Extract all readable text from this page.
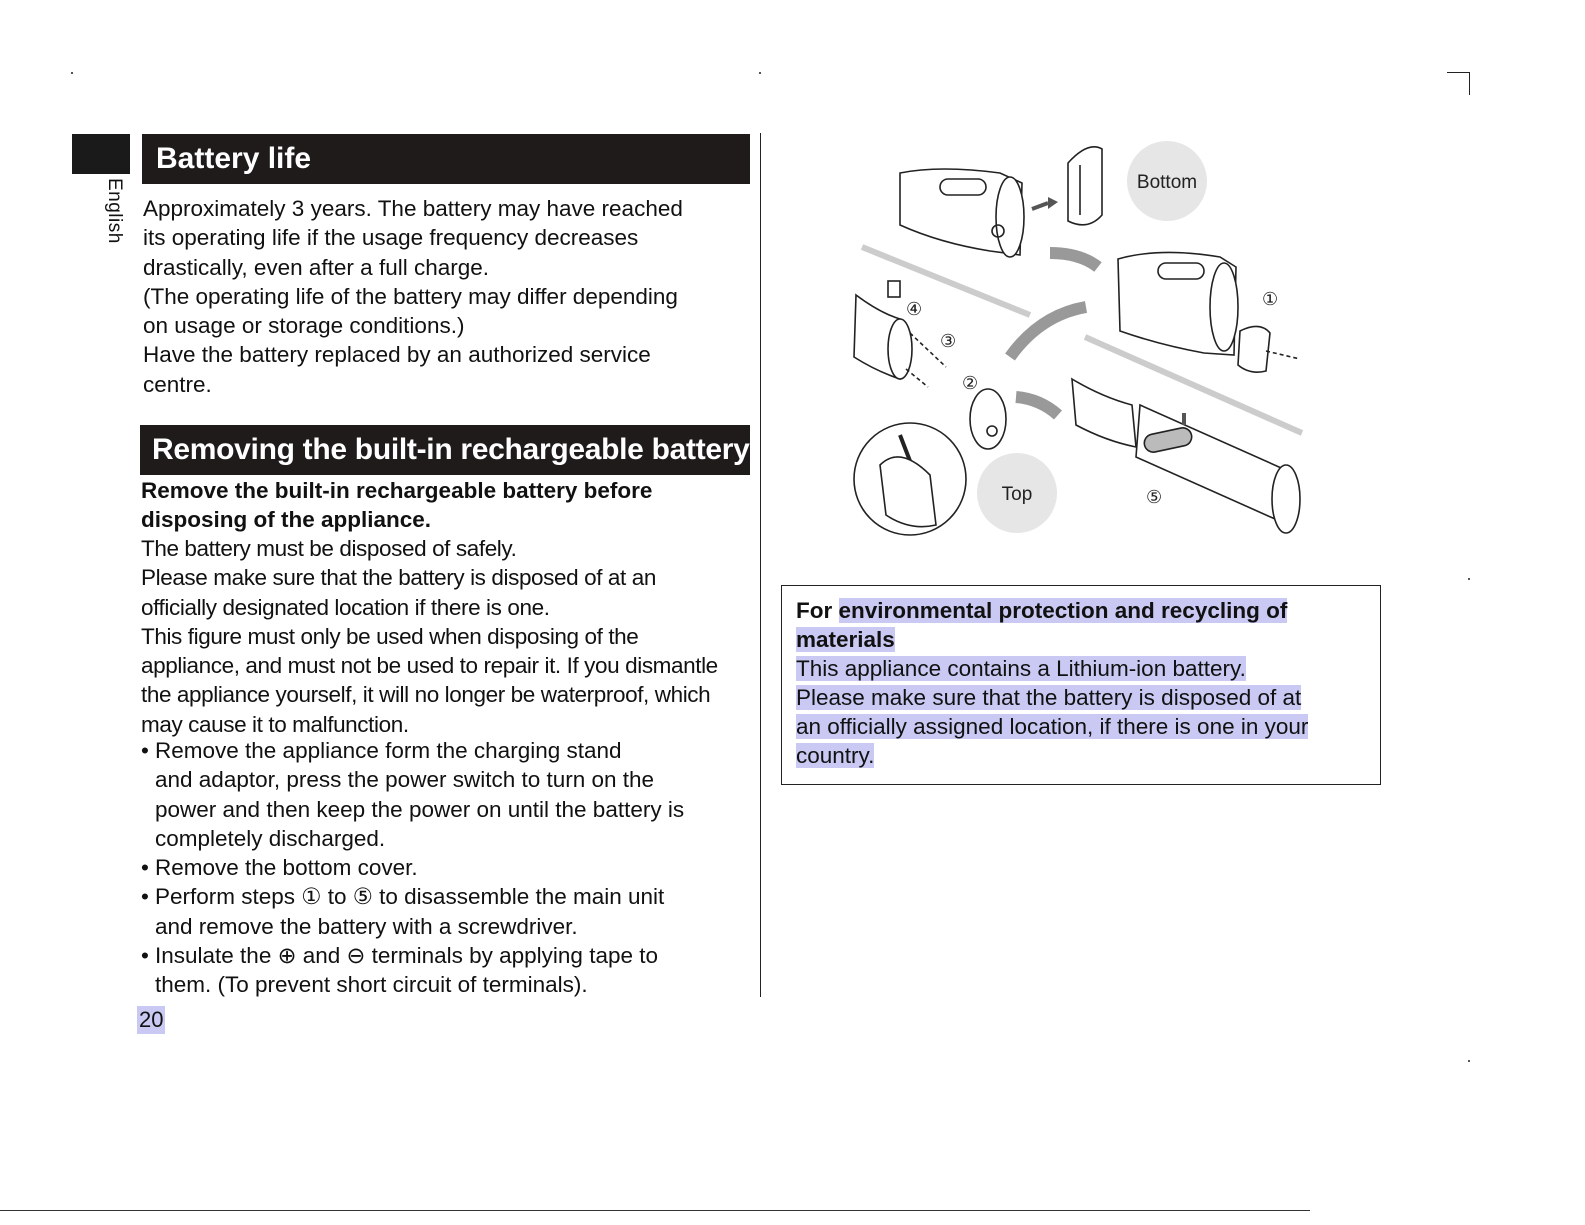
English
Battery life
Approximately 3 years. The battery may have reached
its operating life if the usage frequency decreases
drastically, even after a full charge.
(The operating life of the battery may differ depending
on usage or storage conditions.)
Have the battery replaced by an authorized service
centre.
Removing the built-in rechargeable battery
Remove the built-in rechargeable battery before
disposing of the appliance.
The battery must be disposed of safely.
Please make sure that the battery is disposed of at an
officially designated location if there is one.
This figure must only be used when disposing of the
appliance, and must not be used to repair it. If you dismantle
the appliance yourself, it will no longer be waterproof, which
may cause it to malfunction.
• Remove the appliance form the charging stand
and adaptor, press the power switch to turn on the
power and then keep the power on until the battery is
completely discharged.
• Remove the bottom cover.
• Perform steps ① to ⑤ to disassemble the main unit
and remove the battery with a screwdriver.
• Insulate the ⊕ and ⊖ terminals by applying tape to
them. (To prevent short circuit of terminals).
20
Bottom
Top
①
④
③
②
⑤
For environmental protection and recycling of
materials
This appliance contains a Lithium-ion battery.
Please make sure that the battery is disposed of at
an officially assigned location, if there is one in your
country.
